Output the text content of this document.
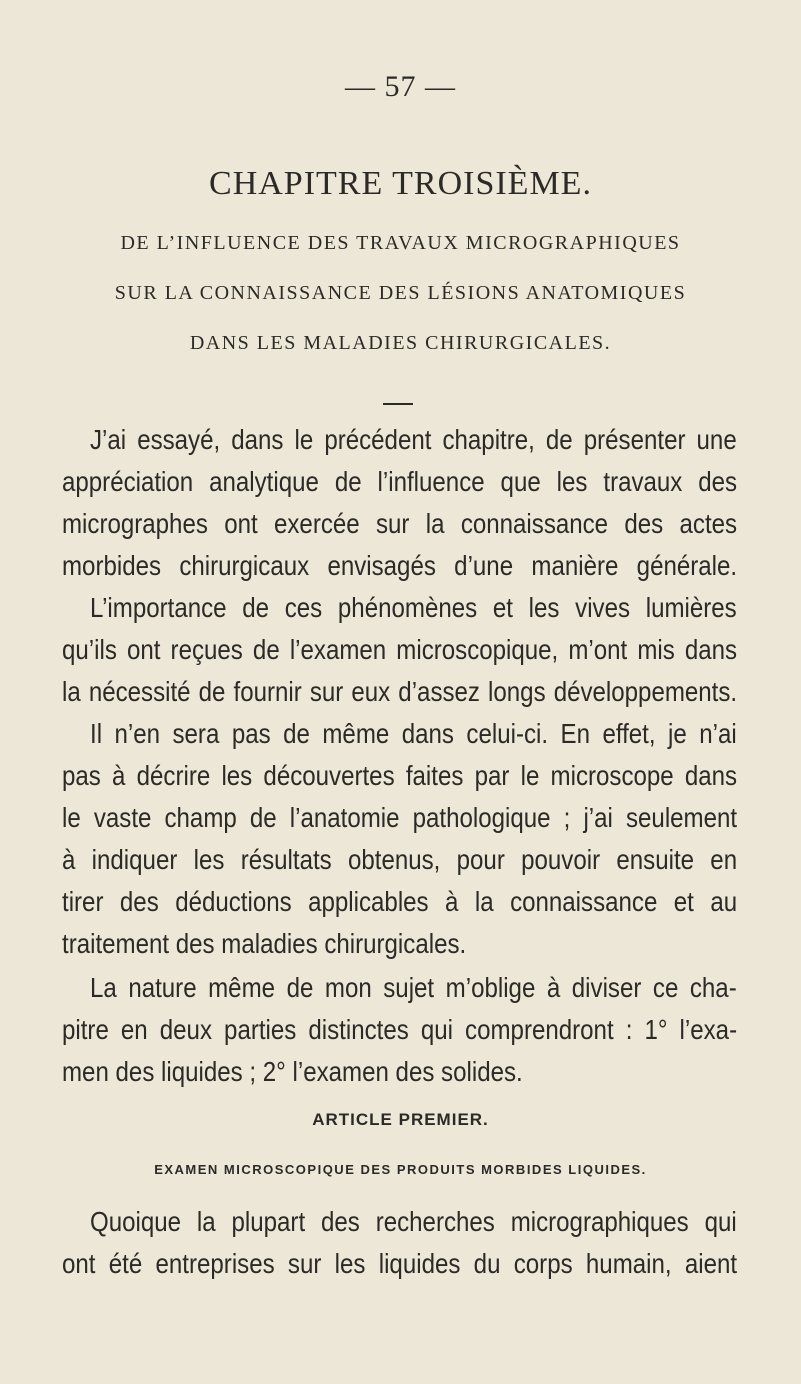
— 57 —
CHAPITRE TROISIÈME.
DE L’INFLUENCE DES TRAVAUX MICROGRAPHIQUES
SUR LA CONNAISSANCE DES LÉSIONS ANATOMIQUES
DANS LES MALADIES CHIRURGICALES.
J’ai essayé, dans le précédent chapitre, de présenter une
appréciation analytique de l’influence que les travaux des
micrographes ont exercée sur la connaissance des actes
morbides chirurgicaux envisagés d’une manière générale.
L’importance de ces phénomènes et les vives lumières
qu’ils ont reçues de l’examen microscopique, m’ont mis dans
la nécessité de fournir sur eux d’assez longs développements.
Il n’en sera pas de même dans celui-ci. En effet, je n’ai
pas à décrire les découvertes faites par le microscope dans
le vaste champ de l’anatomie pathologique ; j’ai seulement
à indiquer les résultats obtenus, pour pouvoir ensuite en
tirer des déductions applicables à la connaissance et au
traitement des maladies chirurgicales.
La nature même de mon sujet m’oblige à diviser ce cha-
pitre en deux parties distinctes qui comprendront : 1° l’exa-
men des liquides ; 2° l’examen des solides.
ARTICLE PREMIER.
EXAMEN MICROSCOPIQUE DES PRODUITS MORBIDES LIQUIDES.
Quoique la plupart des recherches micrographiques qui
ont été entreprises sur les liquides du corps humain, aient
